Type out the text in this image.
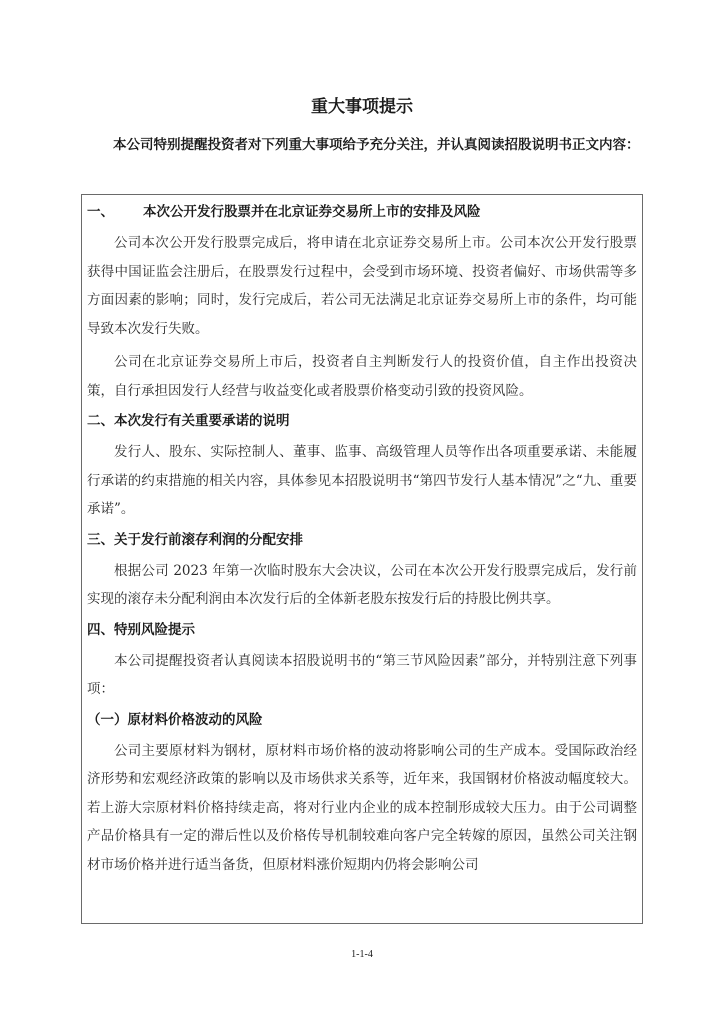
重大事项提示
本公司特别提醒投资者对下列重大事项给予充分关注，并认真阅读招股说明书正文内容：
一、 本次公开发行股票并在北京证券交易所上市的安排及风险
公司本次公开发行股票完成后，将申请在北京证券交易所上市。公司本次公开发行股票获得中国证监会注册后，在股票发行过程中，会受到市场环境、投资者偏好、市场供需等多方面因素的影响；同时，发行完成后，若公司无法满足北京证券交易所上市的条件，均可能导致本次发行失败。
公司在北京证券交易所上市后，投资者自主判断发行人的投资价值，自主作出投资决策，自行承担因发行人经营与收益变化或者股票价格变动引致的投资风险。
二、本次发行有关重要承诺的说明
发行人、股东、实际控制人、董事、监事、高级管理人员等作出各项重要承诺、未能履行承诺的约束措施的相关内容，具体参见本招股说明书“第四节发行人基本情况”之“九、重要承诺”。
三、关于发行前滚存利润的分配安排
根据公司 2023 年第一次临时股东大会决议，公司在本次公开发行股票完成后，发行前实现的滚存未分配利润由本次发行后的全体新老股东按发行后的持股比例共享。
四、特别风险提示
本公司提醒投资者认真阅读本招股说明书的“第三节风险因素”部分，并特别注意下列事项：
（一）原材料价格波动的风险
公司主要原材料为钢材，原材料市场价格的波动将影响公司的生产成本。受国际政治经济形势和宏观经济政策的影响以及市场供求关系等，近年来，我国钢材价格波动幅度较大。若上游大宗原材料价格持续走高，将对行业内企业的成本控制形成较大压力。由于公司调整产品价格具有一定的滞后性以及价格传导机制较难向客户完全转嫁的原因，虽然公司关注钢材市场价格并进行适当备货，但原材料涨价短期内仍将会影响公司
1-1-4
